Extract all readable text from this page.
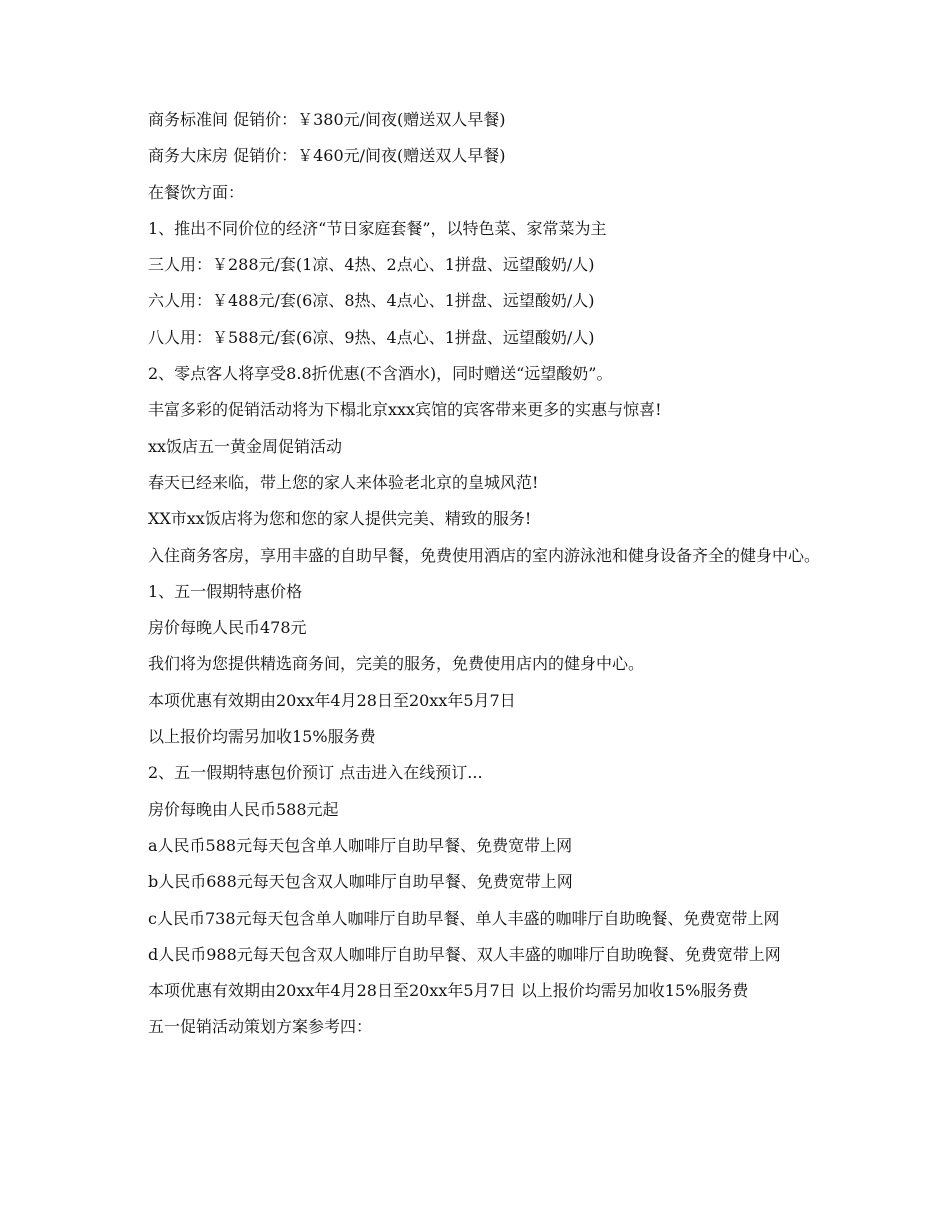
商务标准间 促销价：￥380元/间夜(赠送双人早餐)

商务大床房 促销价：￥460元/间夜(赠送双人早餐)

在餐饮方面：

1、推出不同价位的经济“节日家庭套餐”，以特色菜、家常菜为主

三人用：￥288元/套(1凉、4热、2点心、1拼盘、远望酸奶/人)

六人用：￥488元/套(6凉、8热、4点心、1拼盘、远望酸奶/人)

八人用：￥588元/套(6凉、9热、4点心、1拼盘、远望酸奶/人)

2、零点客人将享受8.8折优惠(不含酒水)，同时赠送“远望酸奶”。

丰富多彩的促销活动将为下榻北京xxx宾馆的宾客带来更多的实惠与惊喜!

xx饭店五一黄金周促销活动

春天已经来临，带上您的家人来体验老北京的皇城风范!

XX市xx饭店将为您和您的家人提供完美、精致的服务!

入住商务客房，享用丰盛的自助早餐，免费使用酒店的室内游泳池和健身设备齐全的健身中心。

1、五一假期特惠价格

房价每晚人民币478元

我们将为您提供精选商务间，完美的服务，免费使用店内的健身中心。

本项优惠有效期由20xx年4月28日至20xx年5月7日

以上报价均需另加收15%服务费

2、五一假期特惠包价预订 点击进入在线预订...

房价每晚由人民币588元起

a人民币588元每天包含单人咖啡厅自助早餐、免费宽带上网

b人民币688元每天包含双人咖啡厅自助早餐、免费宽带上网

c人民币738元每天包含单人咖啡厅自助早餐、单人丰盛的咖啡厅自助晚餐、免费宽带上网

d人民币988元每天包含双人咖啡厅自助早餐、双人丰盛的咖啡厅自助晚餐、免费宽带上网

本项优惠有效期由20xx年4月28日至20xx年5月7日 以上报价均需另加收15%服务费

五一促销活动策划方案参考四：
